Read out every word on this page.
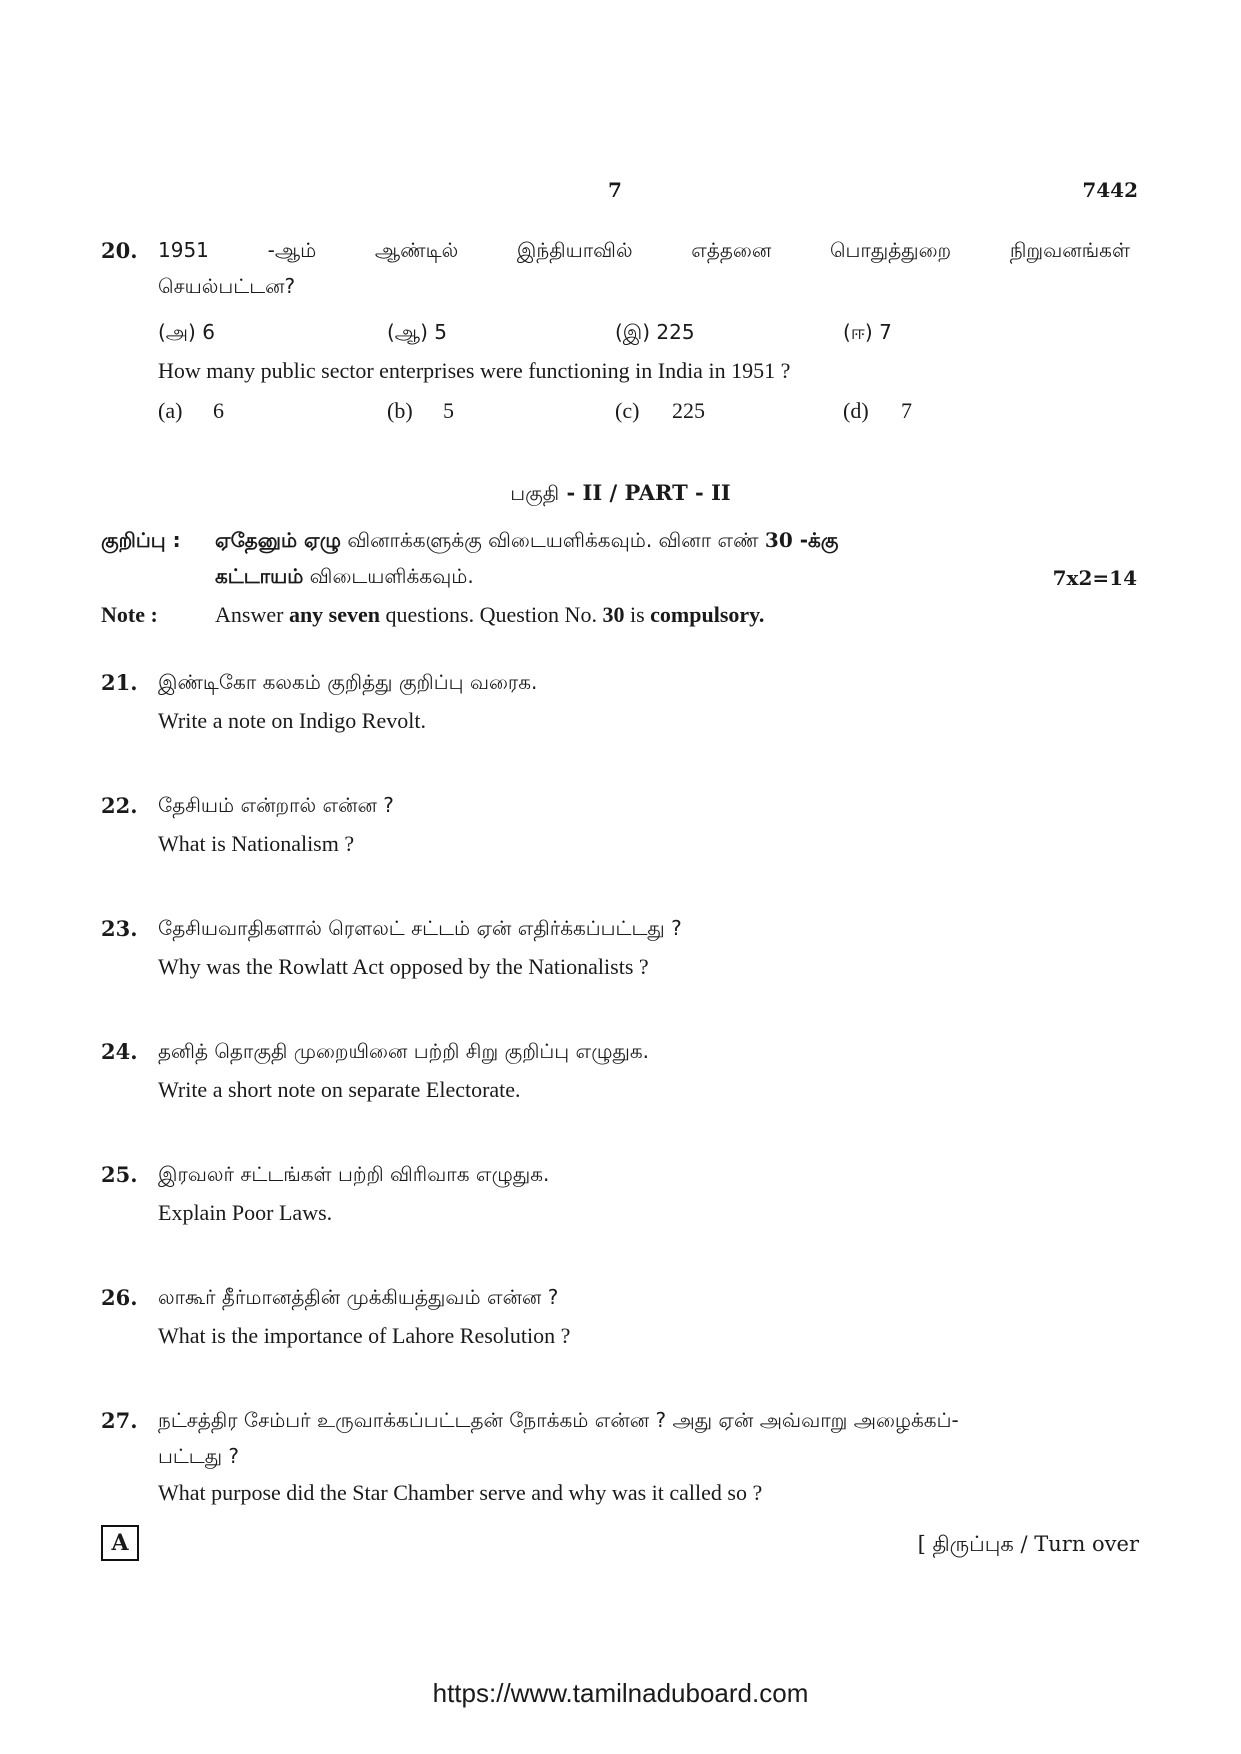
7	7442
20. 1951 -ஆம் ஆண்டில் இந்தியாவில் எத்தனை பொதுத்துறை நிறுவனங்கள்
செயல்பட்டன?
(அ) 6	(ஆ) 5	(இ) 225	(ஈ) 7
How many public sector enterprises were functioning in India in 1951 ?
(a) 6	(b) 5	(c) 225	(d) 7
பகுதி - II / PART - II
குறிப்பு : ஏதேனும் ஏழு வினாக்களுக்கு விடையளிக்கவும். வினா எண் 30 -க்கு
கட்டாயம் விடையளிக்கவும்.	7x2=14
Note :	Answer any seven questions. Question No. 30 is compulsory.
21. இண்டிகோ கலகம் குறித்து குறிப்பு வரைக.
Write a note on Indigo Revolt.
22. தேசியம் என்றால் என்ன ?
What is Nationalism ?
23. தேசியவாதிகளால் ரௌலட் சட்டம் ஏன் எதிர்க்கப்பட்டது ?
Why was the Rowlatt Act opposed by the Nationalists ?
24. தனித் தொகுதி முறையினை பற்றி சிறு குறிப்பு எழுதுக.
Write a short note on separate Electorate.
25. இரவலர் சட்டங்கள் பற்றி விரிவாக எழுதுக.
Explain Poor Laws.
26. லாகூர் தீர்மானத்தின் முக்கியத்துவம் என்ன ?
What is the importance of Lahore Resolution ?
27. நட்சத்திர சேம்பர் உருவாக்கப்பட்டதன் நோக்கம் என்ன ? அது ஏன் அவ்வாறு அழைக்கப்-
பட்டது ?
What purpose did the Star Chamber serve and why was it called so ?
A	[ திருப்புக / Turn over
https://www.tamilnaduboard.com
